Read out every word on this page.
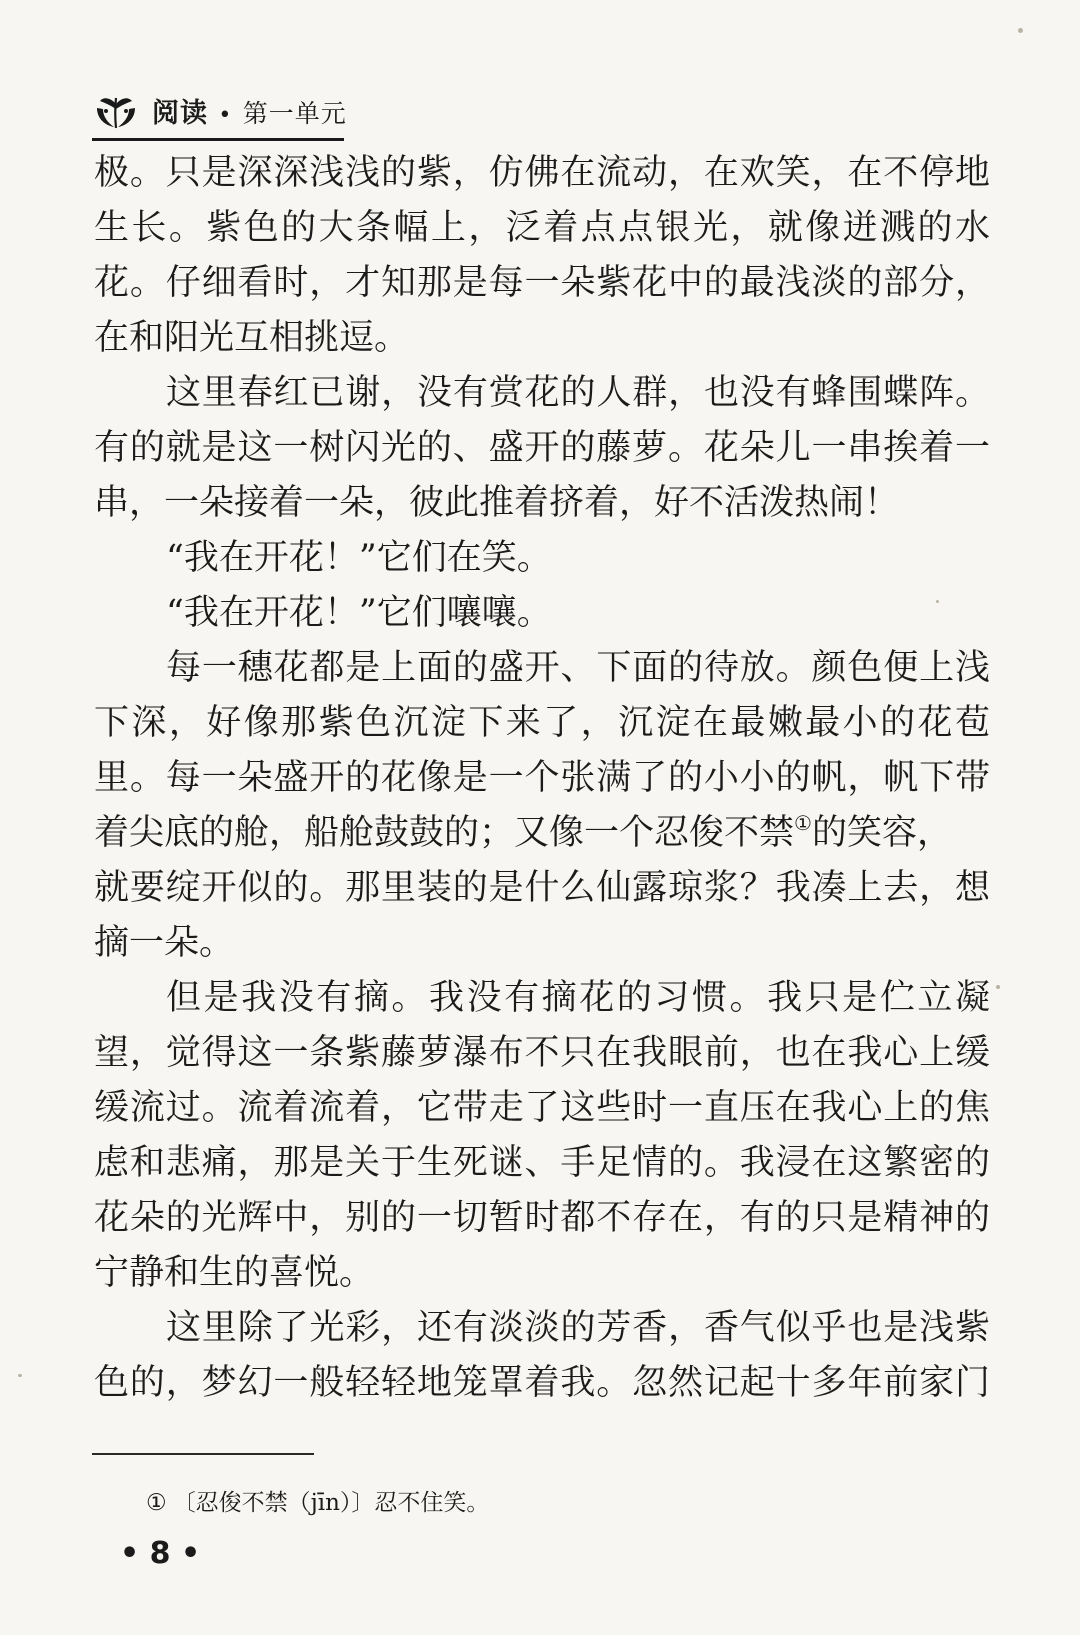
阅读 • 第一单元
极。只是深深浅浅的紫，仿佛在流动，在欢笑，在不停地
生长。紫色的大条幅上，泛着点点银光，就像迸溅的水
花。仔细看时，才知那是每一朵紫花中的最浅淡的部分，
在和阳光互相挑逗。
这里春红已谢，没有赏花的人群，也没有蜂围蝶阵。
有的就是这一树闪光的、盛开的藤萝。花朵儿一串挨着一
串，一朵接着一朵，彼此推着挤着，好不活泼热闹！
“我在开花！”它们在笑。
“我在开花！”它们嚷嚷。
每一穗花都是上面的盛开、下面的待放。颜色便上浅
下深，好像那紫色沉淀下来了，沉淀在最嫩最小的花苞
里。每一朵盛开的花像是一个张满了的小小的帆，帆下带
着尖底的舱，船舱鼓鼓的；又像一个忍俊不禁①的笑容，
就要绽开似的。那里装的是什么仙露琼浆？我凑上去，想
摘一朵。
但是我没有摘。我没有摘花的习惯。我只是伫立凝
望，觉得这一条紫藤萝瀑布不只在我眼前，也在我心上缓
缓流过。流着流着，它带走了这些时一直压在我心上的焦
虑和悲痛，那是关于生死谜、手足情的。我浸在这繁密的
花朵的光辉中，别的一切暂时都不存在，有的只是精神的
宁静和生的喜悦。
这里除了光彩，还有淡淡的芳香，香气似乎也是浅紫
色的，梦幻一般轻轻地笼罩着我。忽然记起十多年前家门
① 〔忍俊不禁（jīn）〕忍不住笑。
• 8 •
